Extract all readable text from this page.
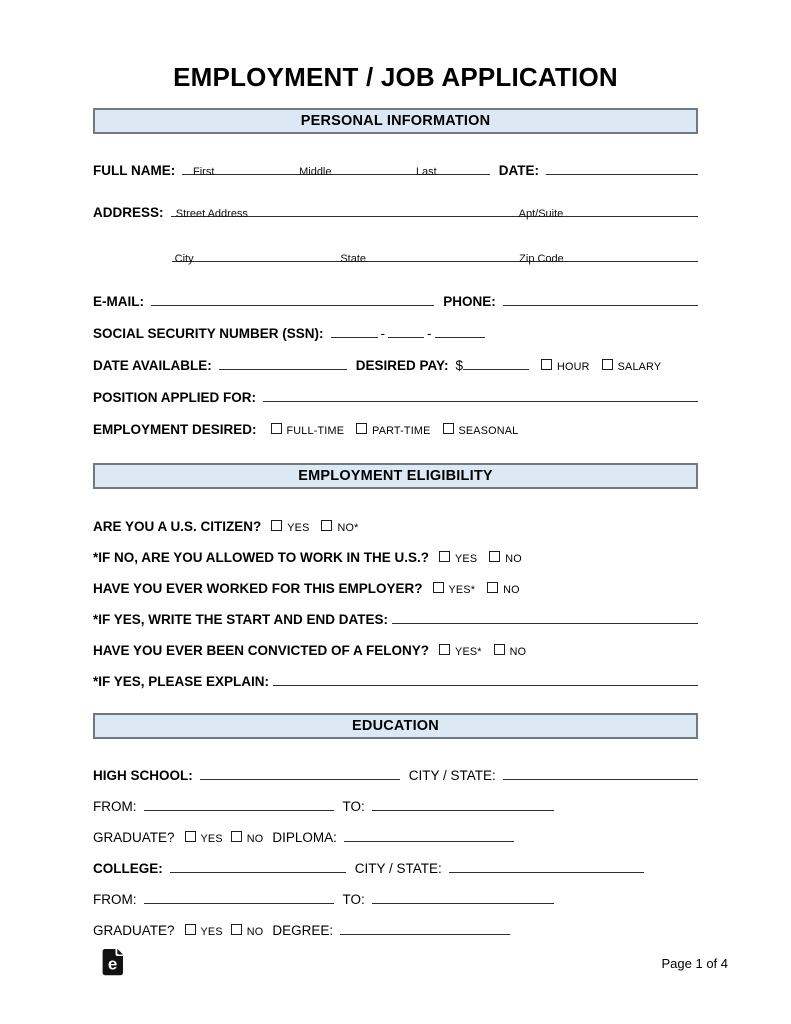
EMPLOYMENT / JOB APPLICATION
PERSONAL INFORMATION
FULL NAME: First	Middle	Last	DATE:
ADDRESS: Street Address	Apt/Suite
City	State	Zip Code
E-MAIL:	PHONE:
SOCIAL SECURITY NUMBER (SSN):	-	-
DATE AVAILABLE:	DESIRED PAY: $	HOUR	SALARY
POSITION APPLIED FOR:
EMPLOYMENT DESIRED:	FULL-TIME	PART-TIME	SEASONAL
EMPLOYMENT ELIGIBILITY
ARE YOU A U.S. CITIZEN? YES	NO*
*IF NO, ARE YOU ALLOWED TO WORK IN THE U.S.? YES	NO
HAVE YOU EVER WORKED FOR THIS EMPLOYER? YES*	NO
*IF YES, WRITE THE START AND END DATES:
HAVE YOU EVER BEEN CONVICTED OF A FELONY? YES*	NO
*IF YES, PLEASE EXPLAIN:
EDUCATION
HIGH SCHOOL:	CITY / STATE:
FROM:	TO:
GRADUATE? YES NO DIPLOMA:
COLLEGE:	CITY / STATE:
FROM:	TO:
GRADUATE? YES NO DEGREE:
e	Page 1 of 4
